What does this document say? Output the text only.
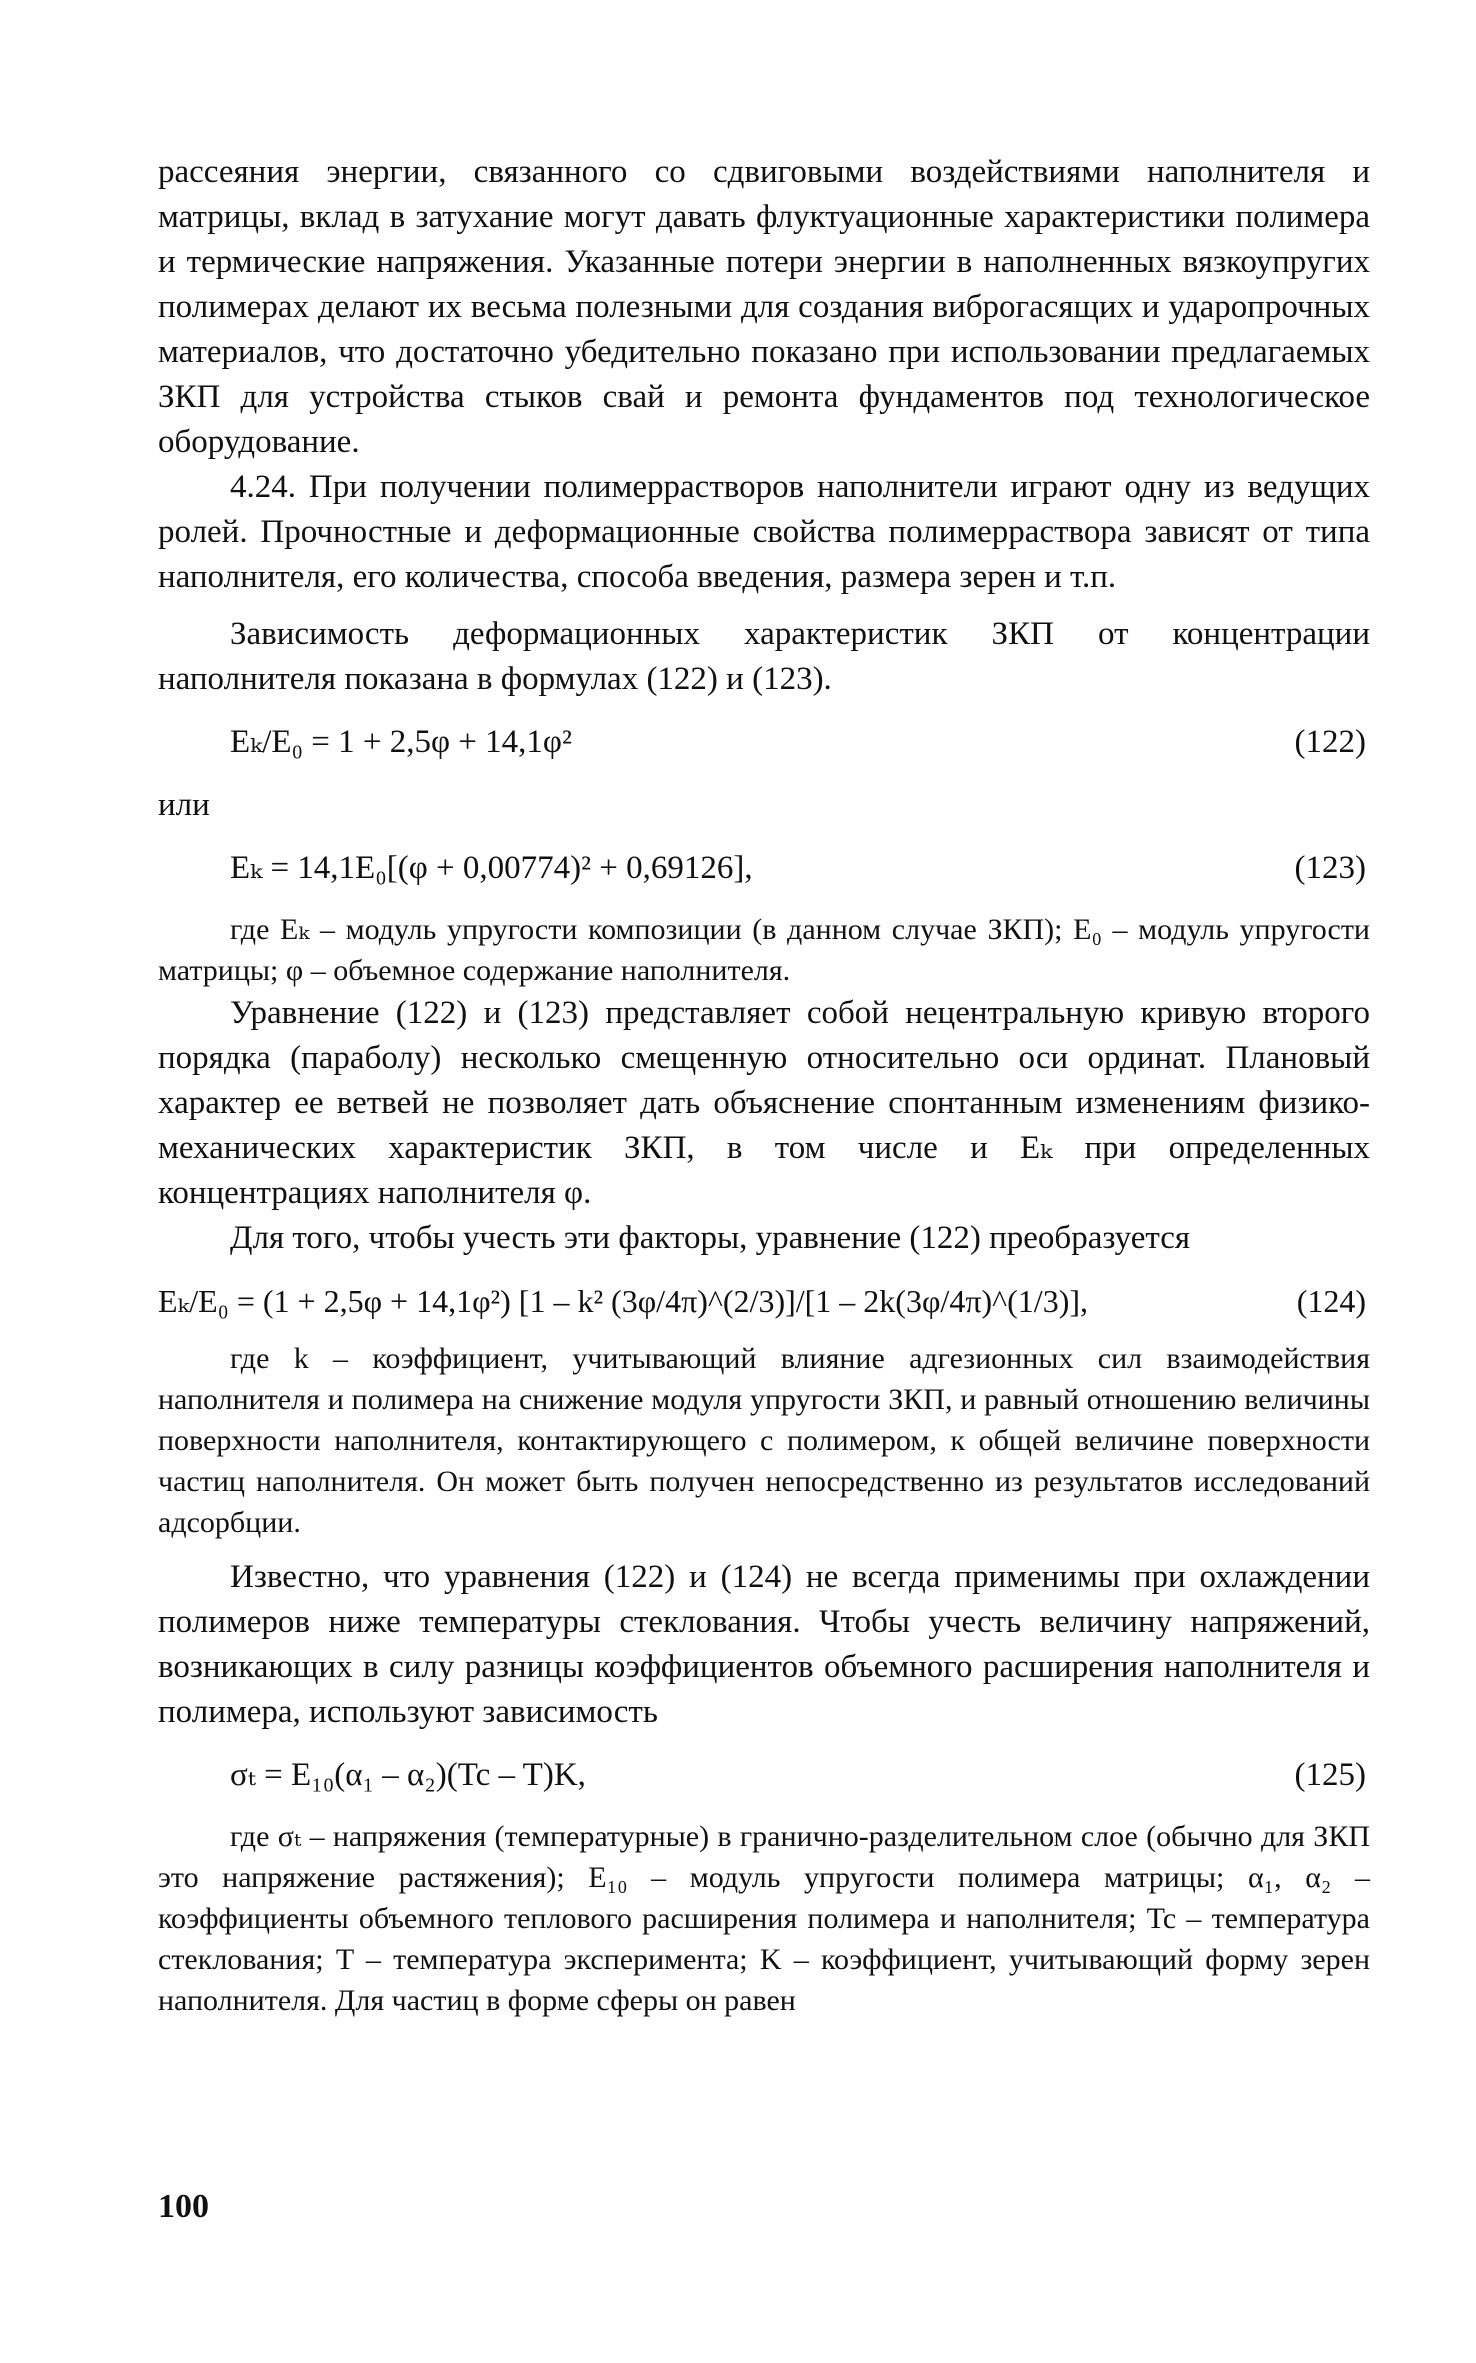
рассеяния энергии, связанного со сдвиговыми воздействиями наполнителя и матрицы, вклад в затухание могут давать флуктуационные характеристики полимера и термические напряжения. Указанные потери энергии в наполненных вязкоупругих полимерах делают их весьма полезными для создания виброгасящих и ударопрочных материалов, что достаточно убедительно показано при использовании предлагаемых ЗКП для устройства стыков свай и ремонта фундаментов под технологическое оборудование.

4.24. При получении полимеррастворов наполнители играют одну из ведущих ролей. Прочностные и деформационные свойства полимерраствора зависят от типа наполнителя, его количества, способа введения, размера зерен и т.п.

Зависимость деформационных характеристик ЗКП от концентрации наполнителя показана в формулах (122) и (123).

Eₖ/E₀ = 1 + 2,5φ + 14,1φ²	(122)

или

Eₖ = 14,1E₀[(φ + 0,00774)² + 0,69126],	(123)

где Eₖ – модуль упругости композиции (в данном случае ЗКП); E₀ – модуль упругости матрицы; φ – объемное содержание наполнителя.

Уравнение (122) и (123) представляет собой нецентральную кривую второго порядка (параболу) несколько смещенную относительно оси ординат. Плановый характер ее ветвей не позволяет дать объяснение спонтанным изменениям физико-механических характеристик ЗКП, в том числе и Eₖ при определенных концентрациях наполнителя φ.

Для того, чтобы учесть эти факторы, уравнение (122) преобразуется

Eₖ/E₀ = (1 + 2,5φ + 14,1φ²) [1 – k² (3φ/4π)^(2/3)]/[1 – 2k(3φ/4π)^(1/3)],	(124)

где k – коэффициент, учитывающий влияние адгезионных сил взаимодействия наполнителя и полимера на снижение модуля упругости ЗКП, и равный отношению величины поверхности наполнителя, контактирующего с полимером, к общей величине поверхности частиц наполнителя. Он может быть получен непосредственно из результатов исследований адсорбции.

Известно, что уравнения (122) и (124) не всегда применимы при охлаждении полимеров ниже температуры стеклования. Чтобы учесть величину напряжений, возникающих в силу разницы коэффициентов объемного расширения наполнителя и полимера, используют зависимость

σₜ = E₁₀(α₁ – α₂)(Tc – T)K,	(125)

где σₜ – напряжения (температурные) в гранично-разделительном слое (обычно для ЗКП это напряжение растяжения); E₁₀ – модуль упругости полимера матрицы; α₁, α₂ – коэффициенты объемного теплового расширения полимера и наполнителя; Tc – температура стеклования; T – температура эксперимента; K – коэффициент, учитывающий форму зерен наполнителя. Для частиц в форме сферы он равен

100
